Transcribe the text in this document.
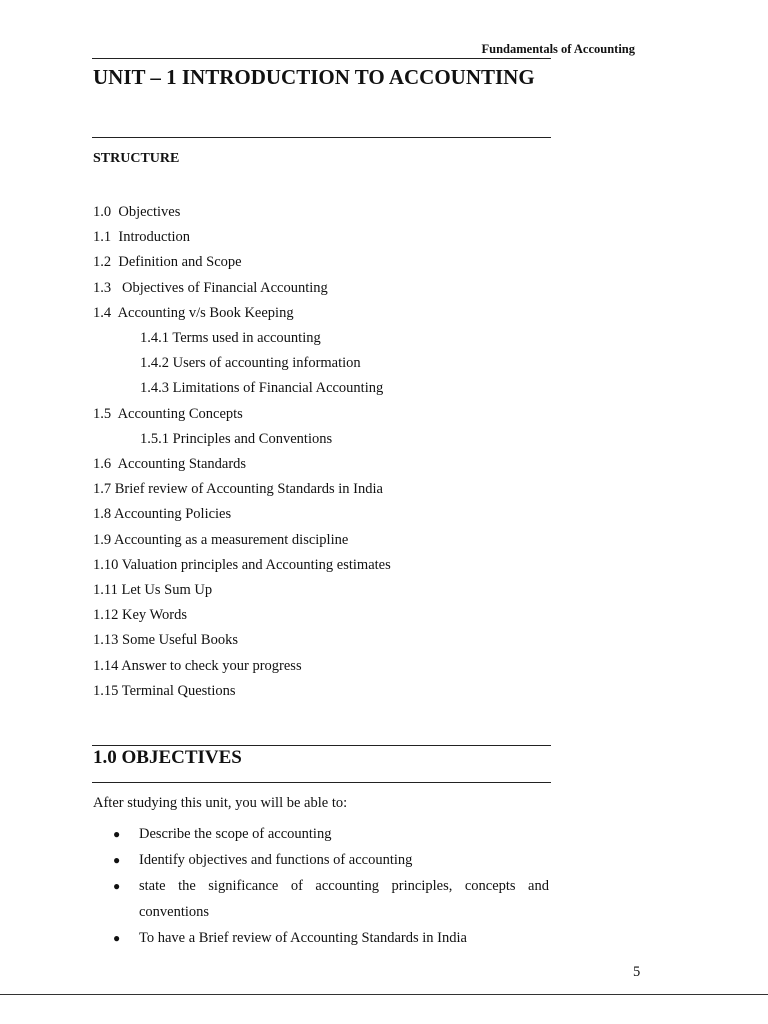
Fundamentals of Accounting
UNIT – 1 INTRODUCTION TO ACCOUNTING
STRUCTURE
1.0  Objectives
1.1  Introduction
1.2  Definition and Scope
1.3   Objectives of Financial Accounting
1.4  Accounting v/s Book Keeping
1.4.1 Terms used in accounting
1.4.2 Users of accounting information
1.4.3 Limitations of Financial Accounting
1.5  Accounting Concepts
1.5.1 Principles and Conventions
1.6  Accounting Standards
1.7 Brief review of Accounting Standards in India
1.8 Accounting Policies
1.9 Accounting as a measurement discipline
1.10 Valuation principles and Accounting estimates
1.11 Let Us Sum Up
1.12 Key Words
1.13 Some Useful Books
1.14 Answer to check your progress
1.15 Terminal Questions
1.0 OBJECTIVES

After studying this unit, you will be able to:

● Describe the scope of accounting
● Identify objectives and functions of accounting
● state the significance of accounting principles, concepts and conventions
● To have a Brief review of Accounting Standards in India
5
